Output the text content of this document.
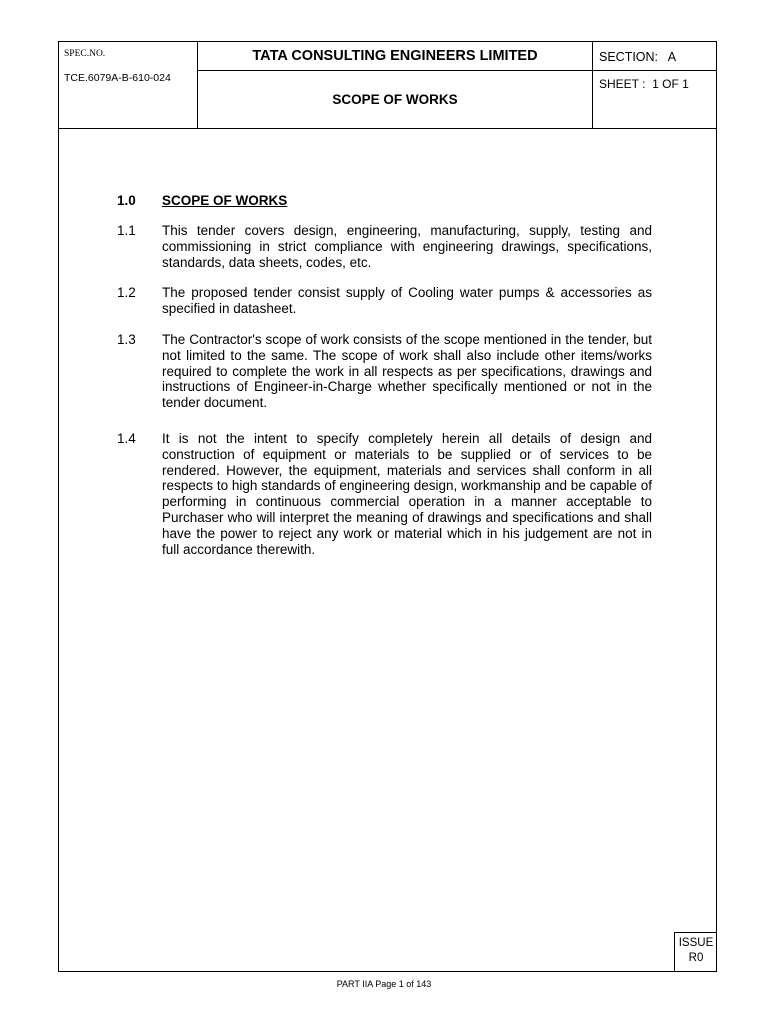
SPEC.NO.
TCE.6079A-B-610-024
TATA CONSULTING ENGINEERS LIMITED
SCOPE OF WORKS
SECTION:   A
SHEET :  1 OF 1
1.0 SCOPE OF WORKS
1.1 This tender covers design, engineering, manufacturing, supply, testing and commissioning in strict compliance with engineering drawings, specifications, standards, data sheets, codes, etc.
1.2 The proposed tender consist supply of Cooling water pumps & accessories as specified in datasheet.
1.3 The Contractor's scope of work consists of the scope mentioned in the tender, but not limited to the same. The scope of work shall also include other items/works required to complete the work in all respects as per specifications, drawings and instructions of Engineer-in-Charge whether specifically mentioned or not in the tender document.
1.4 It is not the intent to specify completely herein all details of design and construction of equipment or materials to be supplied or of services to be rendered. However, the equipment, materials and services shall conform in all respects to high standards of engineering design, workmanship and be capable of performing in continuous commercial operation in a manner acceptable to Purchaser who will interpret the meaning of drawings and specifications and shall have the power to reject any work or material which in his judgement are not in full accordance therewith.
ISSUE
R0
PART IIA Page 1 of 143
